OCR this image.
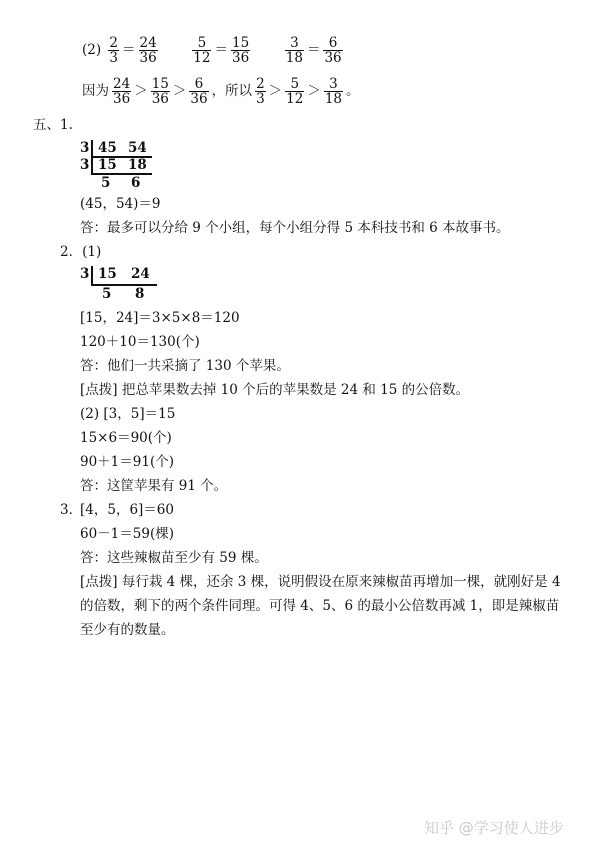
$(2) \frac{2}{3} = \frac{24}{36}$
	$\frac{5}{12} = \frac{15}{36}$
	$\frac{3}{18} = \frac{6}{36}$
因为 $\frac{24}{36} > \frac{15}{36} > \frac{6}{36}$ ，所以 $\frac{2}{3} > \frac{5}{12} > \frac{3}{18}$ 。
五、1.
3 45 54
3 15 18
5 6
(45，54)＝9
答：最多可以分给 9 个小组，每个小组分得 5 本科技书和 6 本故事书。
2．(1)
3 15 24
5 8
[15，24]＝3×5×8＝120
120＋10＝130(个)
答：他们一共采摘了 130 个苹果。
[点拨] 把总苹果数去掉 10 个后的苹果数是 24 和 15 的公倍数。
(2) [3，5]＝15
15×6＝90(个)
90＋1＝91(个)
答：这筐苹果有 91 个。
3．
[4，5，6]＝60
60－1＝59(棵)
答：这些辣椒苗至少有 59 棵。
[点拨] 每行栽 4 棵，还余 3 棵，说明假设在原来辣椒苗再增加一棵，就刚好是 4
的倍数，剩下的两个条件同理。可得 4、5、6 的最小公倍数再减 1，即是辣椒苗
至少有的数量。
知乎 @学习使人进步
